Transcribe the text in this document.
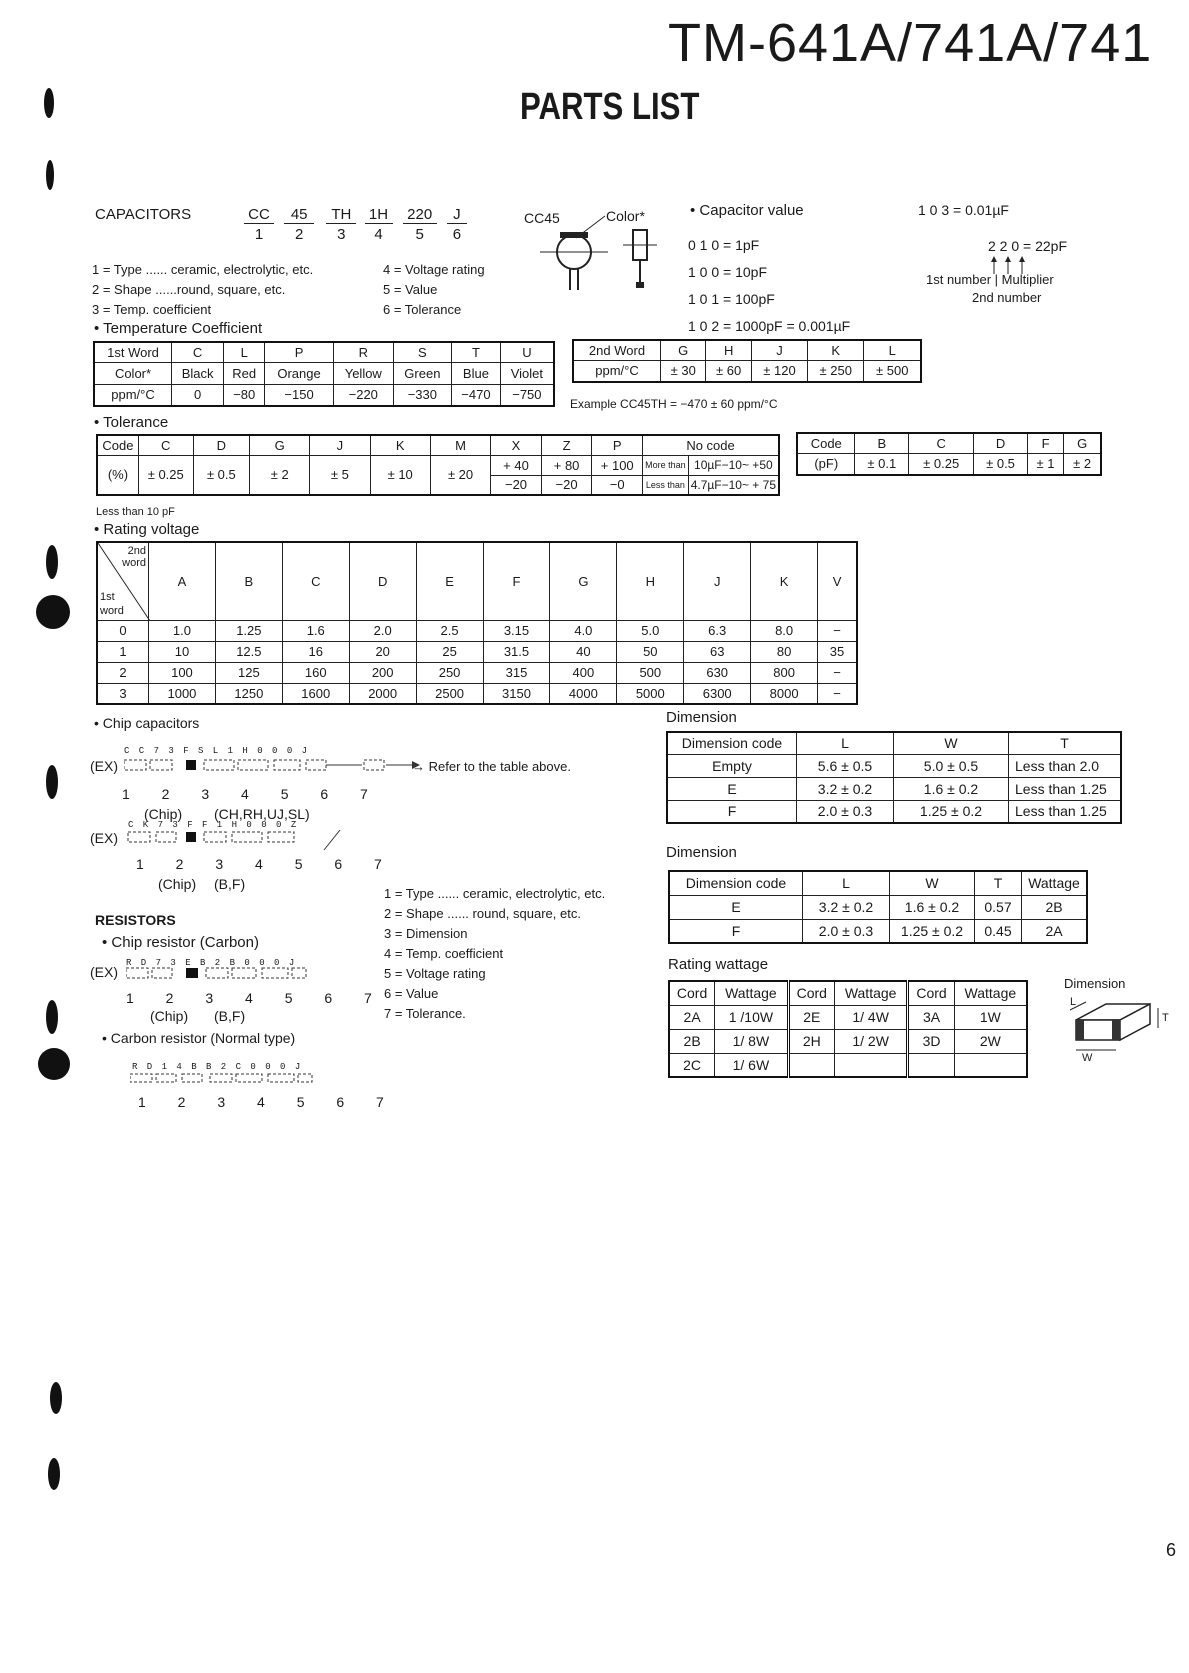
TM-641A/741A/741
PARTS LIST
6
CAPACITORS	CC 45 TH 1H 220 J
1 2 3 4 5 6
1 = Type ...... ceramic, electrolytic, etc.
2 = Shape ......round, square, etc.
3 = Temp. coefficient
4 = Voltage rating
5 = Value
6 = Tolerance
CC45	Color*	• Capacitor value
0 1 0 = 1pF
1 0 0 = 10pF
1 0 1 = 100pF
1 0 2 = 1000pF = 0.001µF
1 0 3 = 0.01µF
2 2 0 = 22pF
1st number | Multiplier
2nd number
• Temperature Coefficient
1st Word	C	L	P	R	S	T	U
Color*	Black	Red	Orange	Yellow	Green	Blue	Violet
ppm/°C	0	−80	−150	−220	−330	−470	−750
2nd Word	G	H	J	K	L
ppm/°C	± 30	± 60	± 120	± 250	± 500
Example CC45TH = −470 ± 60 ppm/°C
• Tolerance
Code	C	D	G	J	K	M	X	Z	P	No code	
(%)	± 0.25	± 0.5	± 2	± 5	± 10	± 20	+ 40	+ 80	+ 100	More than	10µF−10~ +50
							−20	−20	−0	Less than	4.7µF−10~ + 75
Code	B	C	D	F	G
(pF)	± 0.1	± 0.25	± 0.5	± 1	± 2
Less than 10 pF
• Rating voltage
2nd word
1st word	A	B	C	D	E	F	G	H	J	K	V
0	1.0	1.25	1.6	2.0	2.5	3.15	4.0	5.0	6.3	8.0	−
1	10	12.5	16	20	25	31.5	40	50	63	80	35
2	100	125	160	200	250	315	400	500	630	800	−
3	1000	1250	1600	2000	2500	3150	4000	5000	6300	8000	−
• Chip capacitors
C C 7 3 F S L 1 H 0 0 0 J
(EX)	→ Refer to the table above.
1 2 3 4 5 6 7
(Chip) (CH,RH,UJ,SL)
C K 7 3 F F 1 H 0 0 0 Z
(EX)
1 2 3 4 5 6 7
(Chip) (B,F)
1 = Type ...... ceramic, electrolytic, etc.
2 = Shape ...... round, square, etc.
3 = Dimension
4 = Temp. coefficient
5 = Voltage rating
6 = Value
7 = Tolerance.
RESISTORS
• Chip resistor (Carbon)
R D 7 3 E B 2 B 0 0 0 J
(EX)
1 2 3 4 5 6 7
(Chip) (B,F)
• Carbon resistor (Normal type)
R D 1 4 B B 2 C 0 0 0 J
1 2 3 4 5 6 7
Dimension
Dimension code	L	W	T
Empty	5.6 ± 0.5	5.0 ± 0.5	Less than 2.0
E	3.2 ± 0.2	1.6 ± 0.2	Less than 1.25
F	2.0 ± 0.3	1.25 ± 0.2	Less than 1.25
Dimension
Dimension code	L	W	T	Wattage
E	3.2 ± 0.2	1.6 ± 0.2	0.57	2B
F	2.0 ± 0.3	1.25 ± 0.2	0.45	2A
Rating wattage
Cord	Wattage	Cord	Wattage	Cord	Wattage
2A	1 /10W	2E	1/ 4W	3A	1W
2B	1/ 8W	2H	1/ 2W	3D	2W
2C	1/ 6W				
Dimension
L
T
W
